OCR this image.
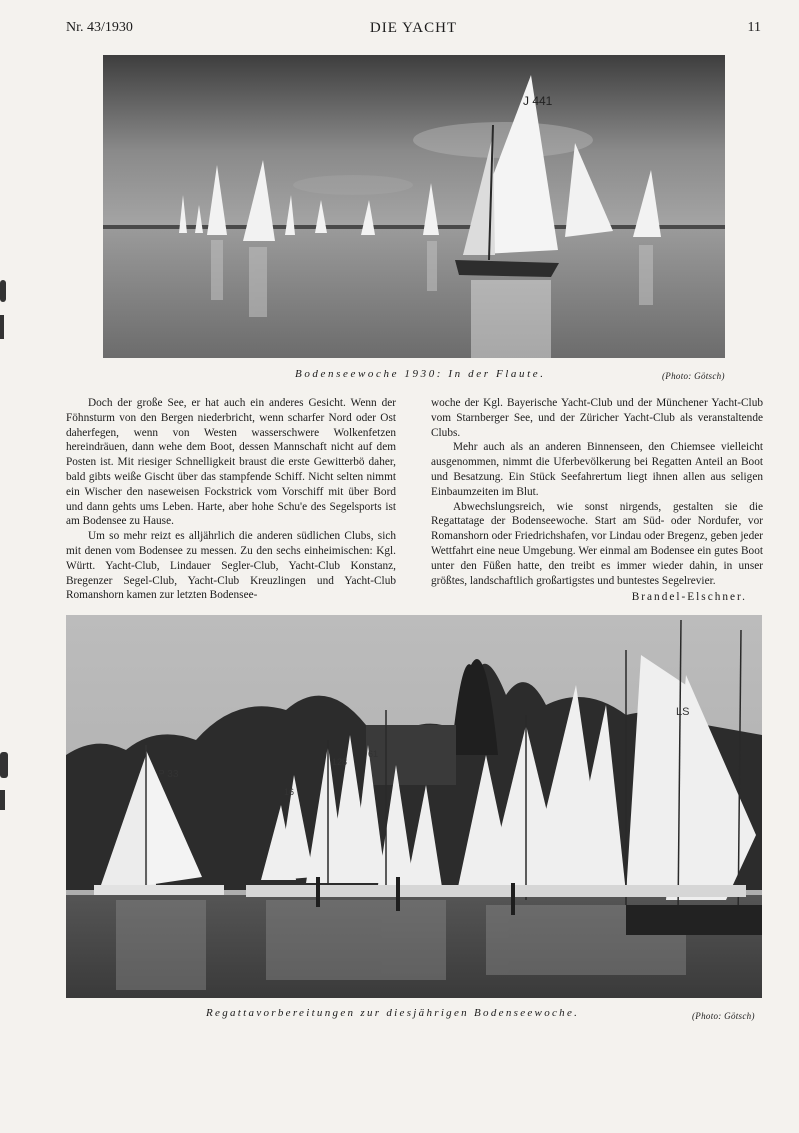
Nr. 43/1930	DIE YACHT	11
J 441
Bodenseewoche 1930: In der Flaute.	(Photo: Götsch)

Doch der große See, er hat auch ein anderes Gesicht. Wenn der Föhnsturm von den Bergen niederbricht, wenn scharfer Nord oder Ost daherfegen, wenn von Westen wasserschwere Wolkenfetzen hereindräuen, dann wehe dem Boot, dessen Mannschaft nicht auf dem Posten ist. Mit riesiger Schnelligkeit braust die erste Gewitterbö daher, bald gibts weiße Gischt über das stampfende Schiff. Nicht selten nimmt ein Wischer den naseweisen Fockstrick vom Vorschiff mit über Bord und dann gehts ums Leben. Harte, aber hohe Schu'e des Segelsports ist am Bodensee zu Hause.

Um so mehr reizt es alljährlich die anderen südlichen Clubs, sich mit denen vom Bodensee zu messen. Zu den sechs einheimischen: Kgl. Württ. Yacht-Club, Lindauer Segler-Club, Yacht-Club Konstanz, Bregenzer Segel-Club, Yacht-Club Kreuzlingen und Yacht-Club Romanshorn kamen zur letzten Bodensee-

woche der Kgl. Bayerische Yacht-Club und der Münchener Yacht-Club vom Starnberger See, und der Züricher Yacht-Club als veranstaltende Clubs.

Mehr auch als an anderen Binnenseen, den Chiemsee vielleicht ausgenommen, nimmt die Uferbevölkerung bei Regatten Anteil an Boot und Besatzung. Ein Stück Seefahrertum liegt ihnen allen aus seligen Einbaumzeiten im Blut.

Abwechslungsreich, wie sonst nirgends, gestalten sie die Regattatage der Bodenseewoche. Start am Süd- oder Nordufer, vor Romanshorn oder Friedrichshafen, vor Lindau oder Bregenz, geben jeder Wettfahrt eine neue Umgebung. Wer einmal am Bodensee ein gutes Boot unter den Füßen hatte, den treibt es immer wieder dahin, in unser größtes, landschaftlich großartigstes und buntestes Segelrevier.

Brandel-Elschner.
P 33
16
128
61
LS
Regattavorbereitungen zur diesjährigen Bodenseewoche.	(Photo: Götsch)
